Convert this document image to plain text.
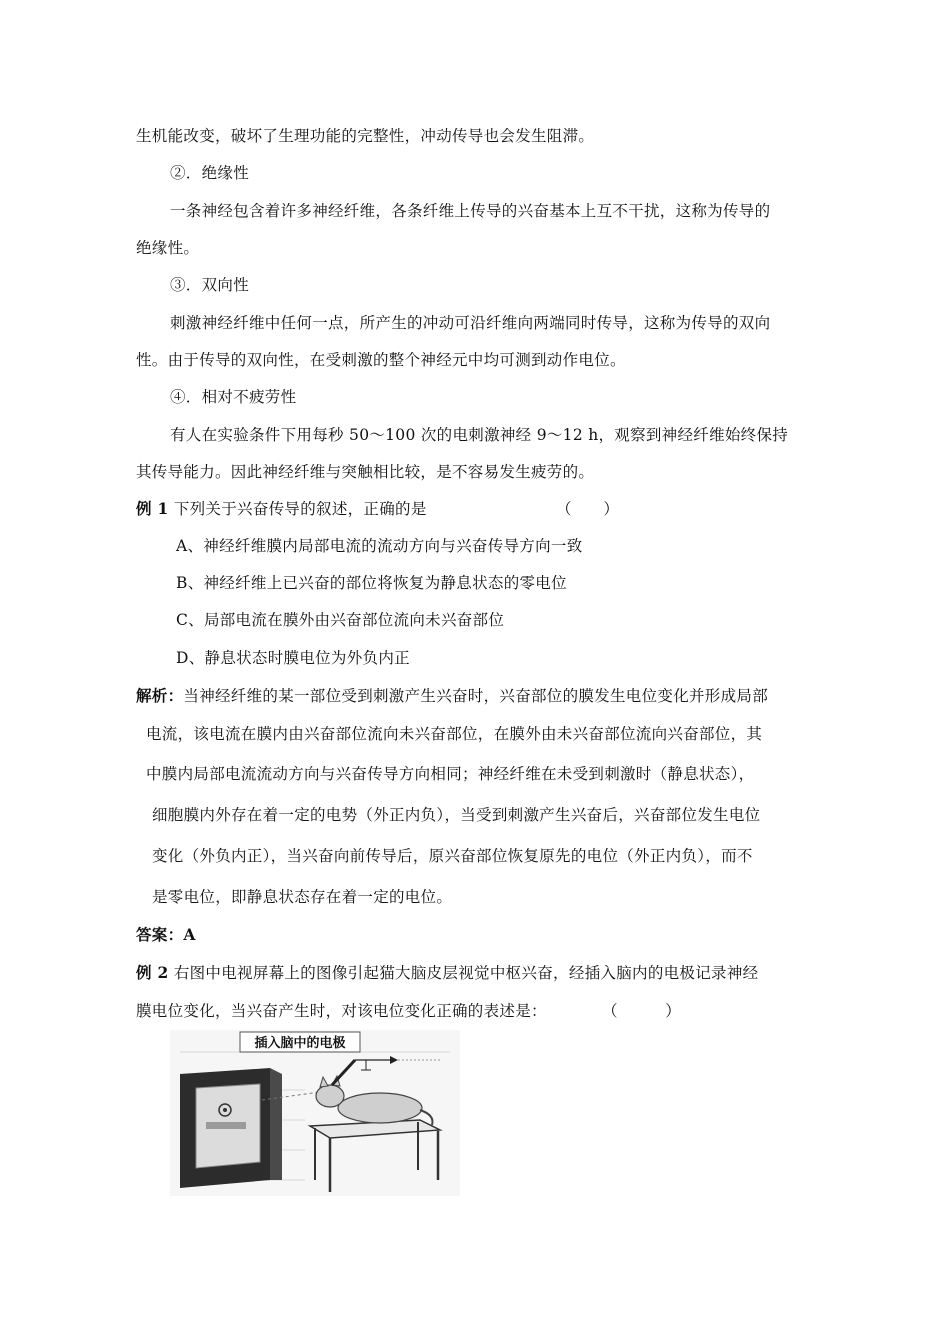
生机能改变，破坏了生理功能的完整性，冲动传导也会发生阻滞。
②．绝缘性
一条神经包含着许多神经纤维，各条纤维上传导的兴奋基本上互不干扰，这称为传导的
绝缘性。
③．双向性
刺激神经纤维中任何一点，所产生的冲动可沿纤维向两端同时传导，这称为传导的双向
性。由于传导的双向性，在受刺激的整个神经元中均可测到动作电位。
④．相对不疲劳性
有人在实验条件下用每秒 50～100 次的电刺激神经 9～12 h，观察到神经纤维始终保持
其传导能力。因此神经纤维与突触相比较，是不容易发生疲劳的。
例 1 下列关于兴奋传导的叙述，正确的是	（　　）
A、神经纤维膜内局部电流的流动方向与兴奋传导方向一致
B、神经纤维上已兴奋的部位将恢复为静息状态的零电位
C、局部电流在膜外由兴奋部位流向未兴奋部位
D、静息状态时膜电位为外负内正
解析：当神经纤维的某一部位受到刺激产生兴奋时，兴奋部位的膜发生电位变化并形成局部
电流，该电流在膜内由兴奋部位流向未兴奋部位，在膜外由未兴奋部位流向兴奋部位，其
中膜内局部电流流动方向与兴奋传导方向相同；神经纤维在未受到刺激时（静息状态），
细胞膜内外存在着一定的电势（外正内负），当受到刺激产生兴奋后，兴奋部位发生电位
变化（外负内正），当兴奋向前传导后，原兴奋部位恢复原先的电位（外正内负），而不
是零电位，即静息状态存在着一定的电位。
答案：A
例 2 右图中电视屏幕上的图像引起猫大脑皮层视觉中枢兴奋，经插入脑内的电极记录神经
膜电位变化，当兴奋产生时，对该电位变化正确的表述是：	（　　　）
插入脑中的电极
